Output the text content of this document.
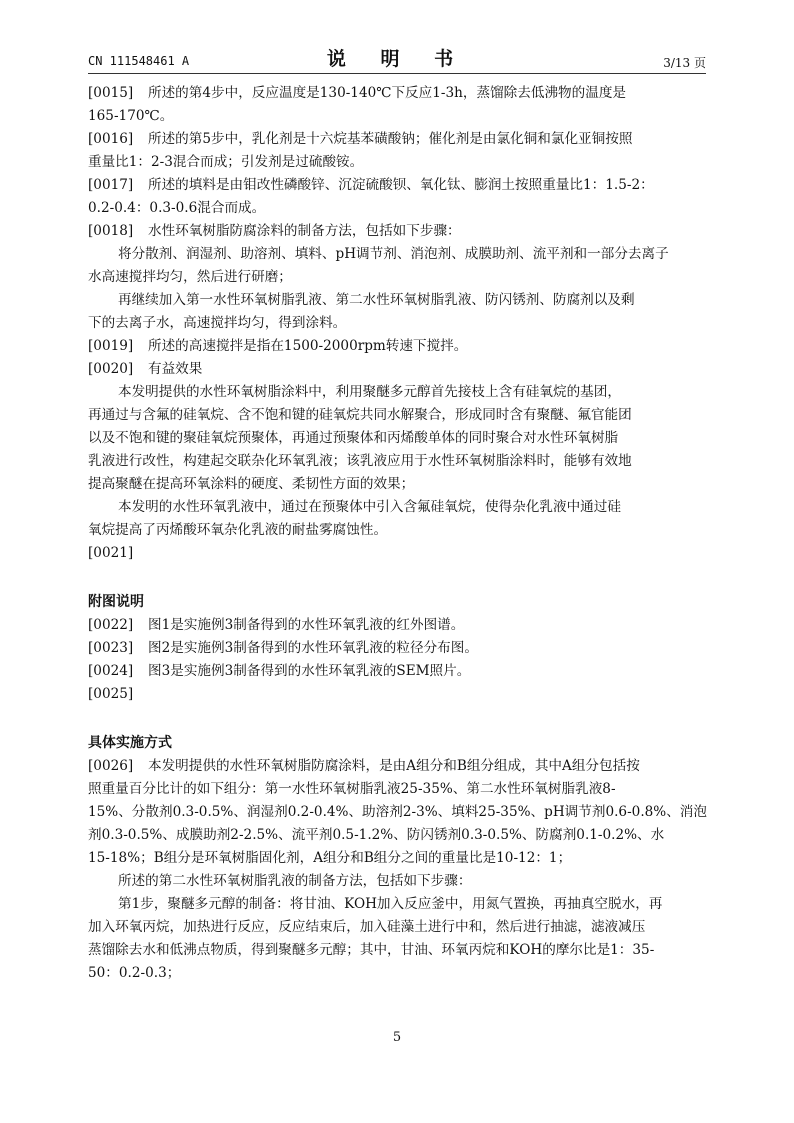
CN 111548461 A	说 明 书	3/13 页
[0015] 所述的第4步中，反应温度是130-140℃下反应1-3h，蒸馏除去低沸物的温度是
165-170℃。
[0016] 所述的第5步中，乳化剂是十六烷基苯磺酸钠；催化剂是由氯化铜和氯化亚铜按照
重量比1：2-3混合而成；引发剂是过硫酸铵。
[0017] 所述的填料是由钼改性磷酸锌、沉淀硫酸钡、氧化钛、膨润土按照重量比1：1.5-2：
0.2-0.4：0.3-0.6混合而成。
[0018] 水性环氧树脂防腐涂料的制备方法，包括如下步骤：
将分散剂、润湿剂、助溶剂、填料、pH调节剂、消泡剂、成膜助剂、流平剂和一部分去离子
水高速搅拌均匀，然后进行研磨；
再继续加入第一水性环氧树脂乳液、第二水性环氧树脂乳液、防闪锈剂、防腐剂以及剩
下的去离子水，高速搅拌均匀，得到涂料。
[0019] 所述的高速搅拌是指在1500-2000rpm转速下搅拌。
[0020] 有益效果
本发明提供的水性环氧树脂涂料中，利用聚醚多元醇首先接枝上含有硅氧烷的基团，
再通过与含氟的硅氧烷、含不饱和键的硅氧烷共同水解聚合，形成同时含有聚醚、氟官能团
以及不饱和键的聚硅氧烷预聚体，再通过预聚体和丙烯酸单体的同时聚合对水性环氧树脂
乳液进行改性，构建起交联杂化环氧乳液；该乳液应用于水性环氧树脂涂料时，能够有效地
提高聚醚在提高环氧涂料的硬度、柔韧性方面的效果；
本发明的水性环氧乳液中，通过在预聚体中引入含氟硅氧烷，使得杂化乳液中通过硅
氧烷提高了丙烯酸环氧杂化乳液的耐盐雾腐蚀性。
[0021]
附图说明
[0022] 图1是实施例3制备得到的水性环氧乳液的红外图谱。
[0023] 图2是实施例3制备得到的水性环氧乳液的粒径分布图。
[0024] 图3是实施例3制备得到的水性环氧乳液的SEM照片。
[0025]
具体实施方式
[0026] 本发明提供的水性环氧树脂防腐涂料，是由A组分和B组分组成，其中A组分包括按
照重量百分比计的如下组分：第一水性环氧树脂乳液25-35%、第二水性环氧树脂乳液8-
15%、分散剂0.3-0.5%、润湿剂0.2-0.4%、助溶剂2-3%、填料25-35%、pH调节剂0.6-0.8%、消泡
剂0.3-0.5%、成膜助剂2-2.5%、流平剂0.5-1.2%、防闪锈剂0.3-0.5%、防腐剂0.1-0.2%、水
15-18%；B组分是环氧树脂固化剂，A组分和B组分之间的重量比是10-12：1；
所述的第二水性环氧树脂乳液的制备方法，包括如下步骤：
第1步，聚醚多元醇的制备：将甘油、KOH加入反应釜中，用氮气置换，再抽真空脱水，再
加入环氧丙烷，加热进行反应，反应结束后，加入硅藻土进行中和，然后进行抽滤，滤液减压
蒸馏除去水和低沸点物质，得到聚醚多元醇；其中，甘油、环氧丙烷和KOH的摩尔比是1：35-
50：0.2-0.3；
5
